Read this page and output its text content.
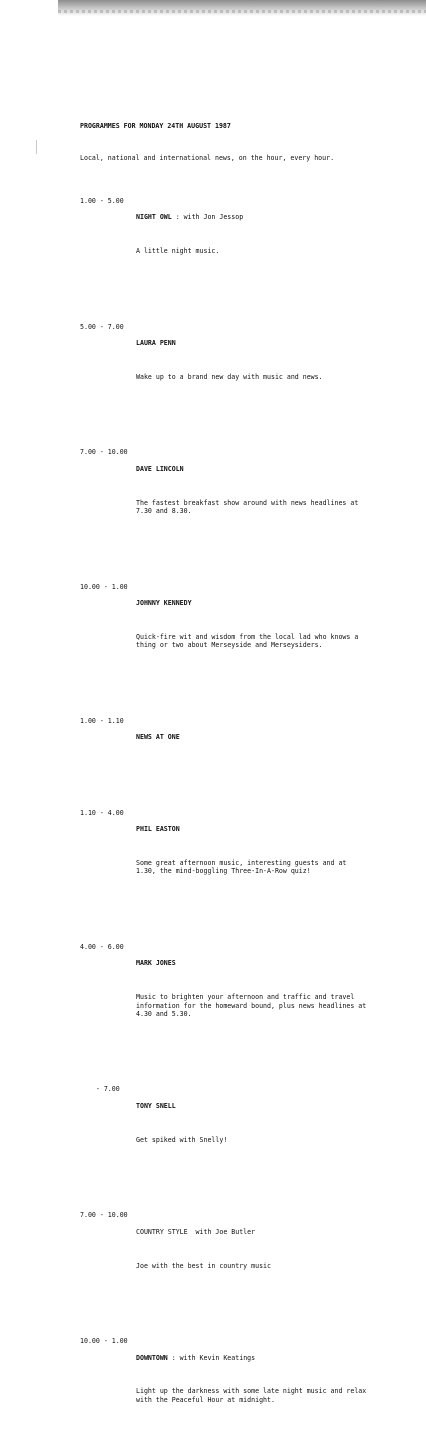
PROGRAMMES FOR MONDAY 24TH AUGUST 1987

Local, national and international news, on the hour, every hour.

1.00 - 5.00

NIGHT OWL : with Jon Jessop

A little night music.

5.00 - 7.00

LAURA PENN

Wake up to a brand new day with music and news.

7.00 - 10.00

DAVE LINCOLN

The fastest breakfast show around with news headlines at
7.30 and 8.30.

10.00 - 1.00

JOHNNY KENNEDY

Quick-fire wit and wisdom from the local lad who knows a
thing or two about Merseyside and Merseysiders.

1.00 - 1.10

NEWS AT ONE

1.10 - 4.00

PHIL EASTON

Some great afternoon music, interesting guests and at
1.30, the mind-boggling Three-In-A-Row quiz!

4.00 - 6.00

MARK JONES

Music to brighten your afternoon and traffic and travel
information for the homeward bound, plus news headlines at
4.30 and 5.30.

- 7.00

TONY SNELL

Get spiked with Snelly!

7.00 - 10.00

COUNTRY STYLE  with Joe Butler

Joe with the best in country music

10.00 - 1.00

DOWNTOWN : with Kevin Keatings

Light up the darkness with some late night music and relax
with the Peaceful Hour at midnight.
